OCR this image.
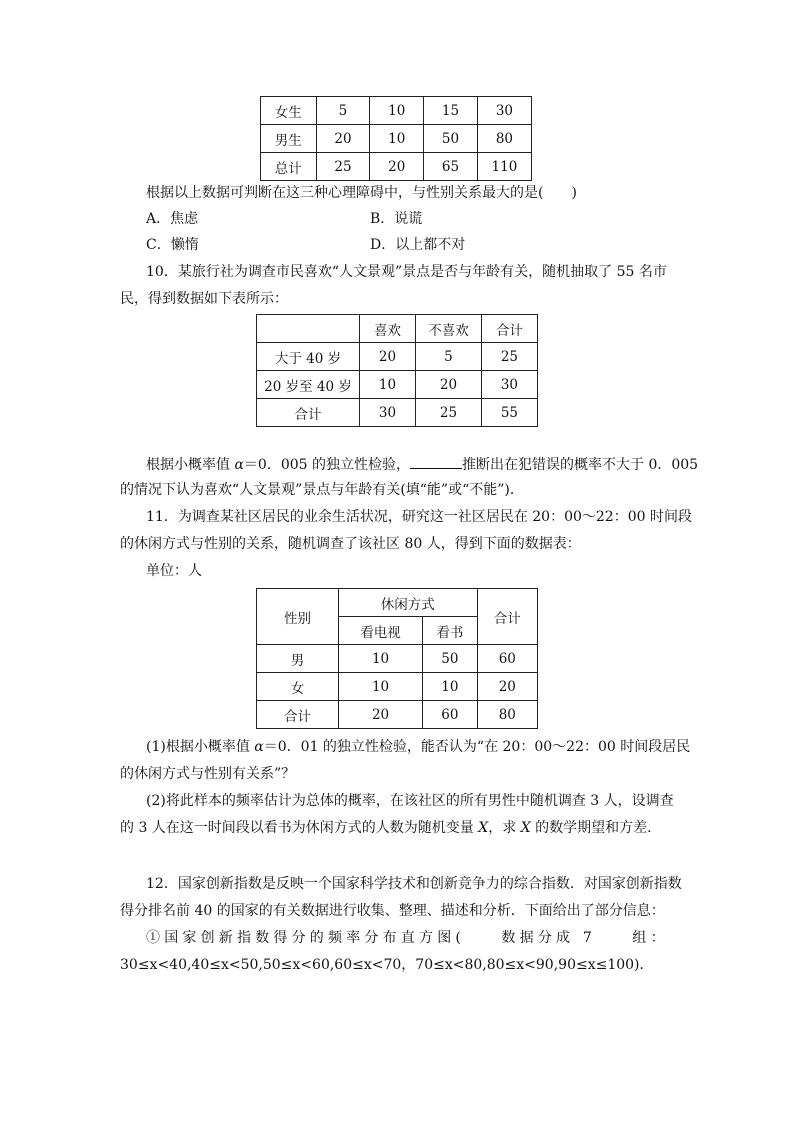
女生	5	10	15	30
男生	20	10	50	80
总计	25	20	65	110
根据以上数据可判断在这三种心理障碍中，与性别关系最大的是(　　)
A．焦虑	B．说谎
C．懒惰	D．以上都不对
10．某旅行社为调查市民喜欢“人文景观”景点是否与年龄有关，随机抽取了 55 名市
民，得到数据如下表所示：
	喜欢	不喜欢	合计
大于 40 岁	20	5	25
20 岁至 40 岁	10	20	30
合计	30	25	55
根据小概率值 α＝0．005 的独立性检验，	推断出在犯错误的概率不大于 0．005
的情况下认为喜欢“人文景观”景点与年龄有关(填“能”或“不能”)．
11．为调查某社区居民的业余生活状况，研究这一社区居民在 20：00～22：00 时间段
的休闲方式与性别的关系，随机调查了该社区 80 人，得到下面的数据表：
单位：人
性别	休闲方式		合计
	看电视	看书	
男	10	50	60
女	10	10	20
合计	20	60	80
(1)根据小概率值 α＝0．01 的独立性检验，能否认为“在 20：00～22：00 时间段居民
的休闲方式与性别有关系”？
(2)将此样本的频率估计为总体的概率，在该社区的所有男性中随机调查 3 人，设调查
的 3 人在这一时间段以看书为休闲方式的人数为随机变量 X，求 X 的数学期望和方差．
12．国家创新指数是反映一个国家科学技术和创新竞争力的综合指数．对国家创新指数
得分排名前 40 的国家的有关数据进行收集、整理、描述和分析．下面给出了部分信息：
①国家创新指数得分的频率分布直方图(　　数据分成 7　　组：
30≤x<40,40≤x<50,50≤x<60,60≤x<70，70≤x<80,80≤x<90,90≤x≤100)．
